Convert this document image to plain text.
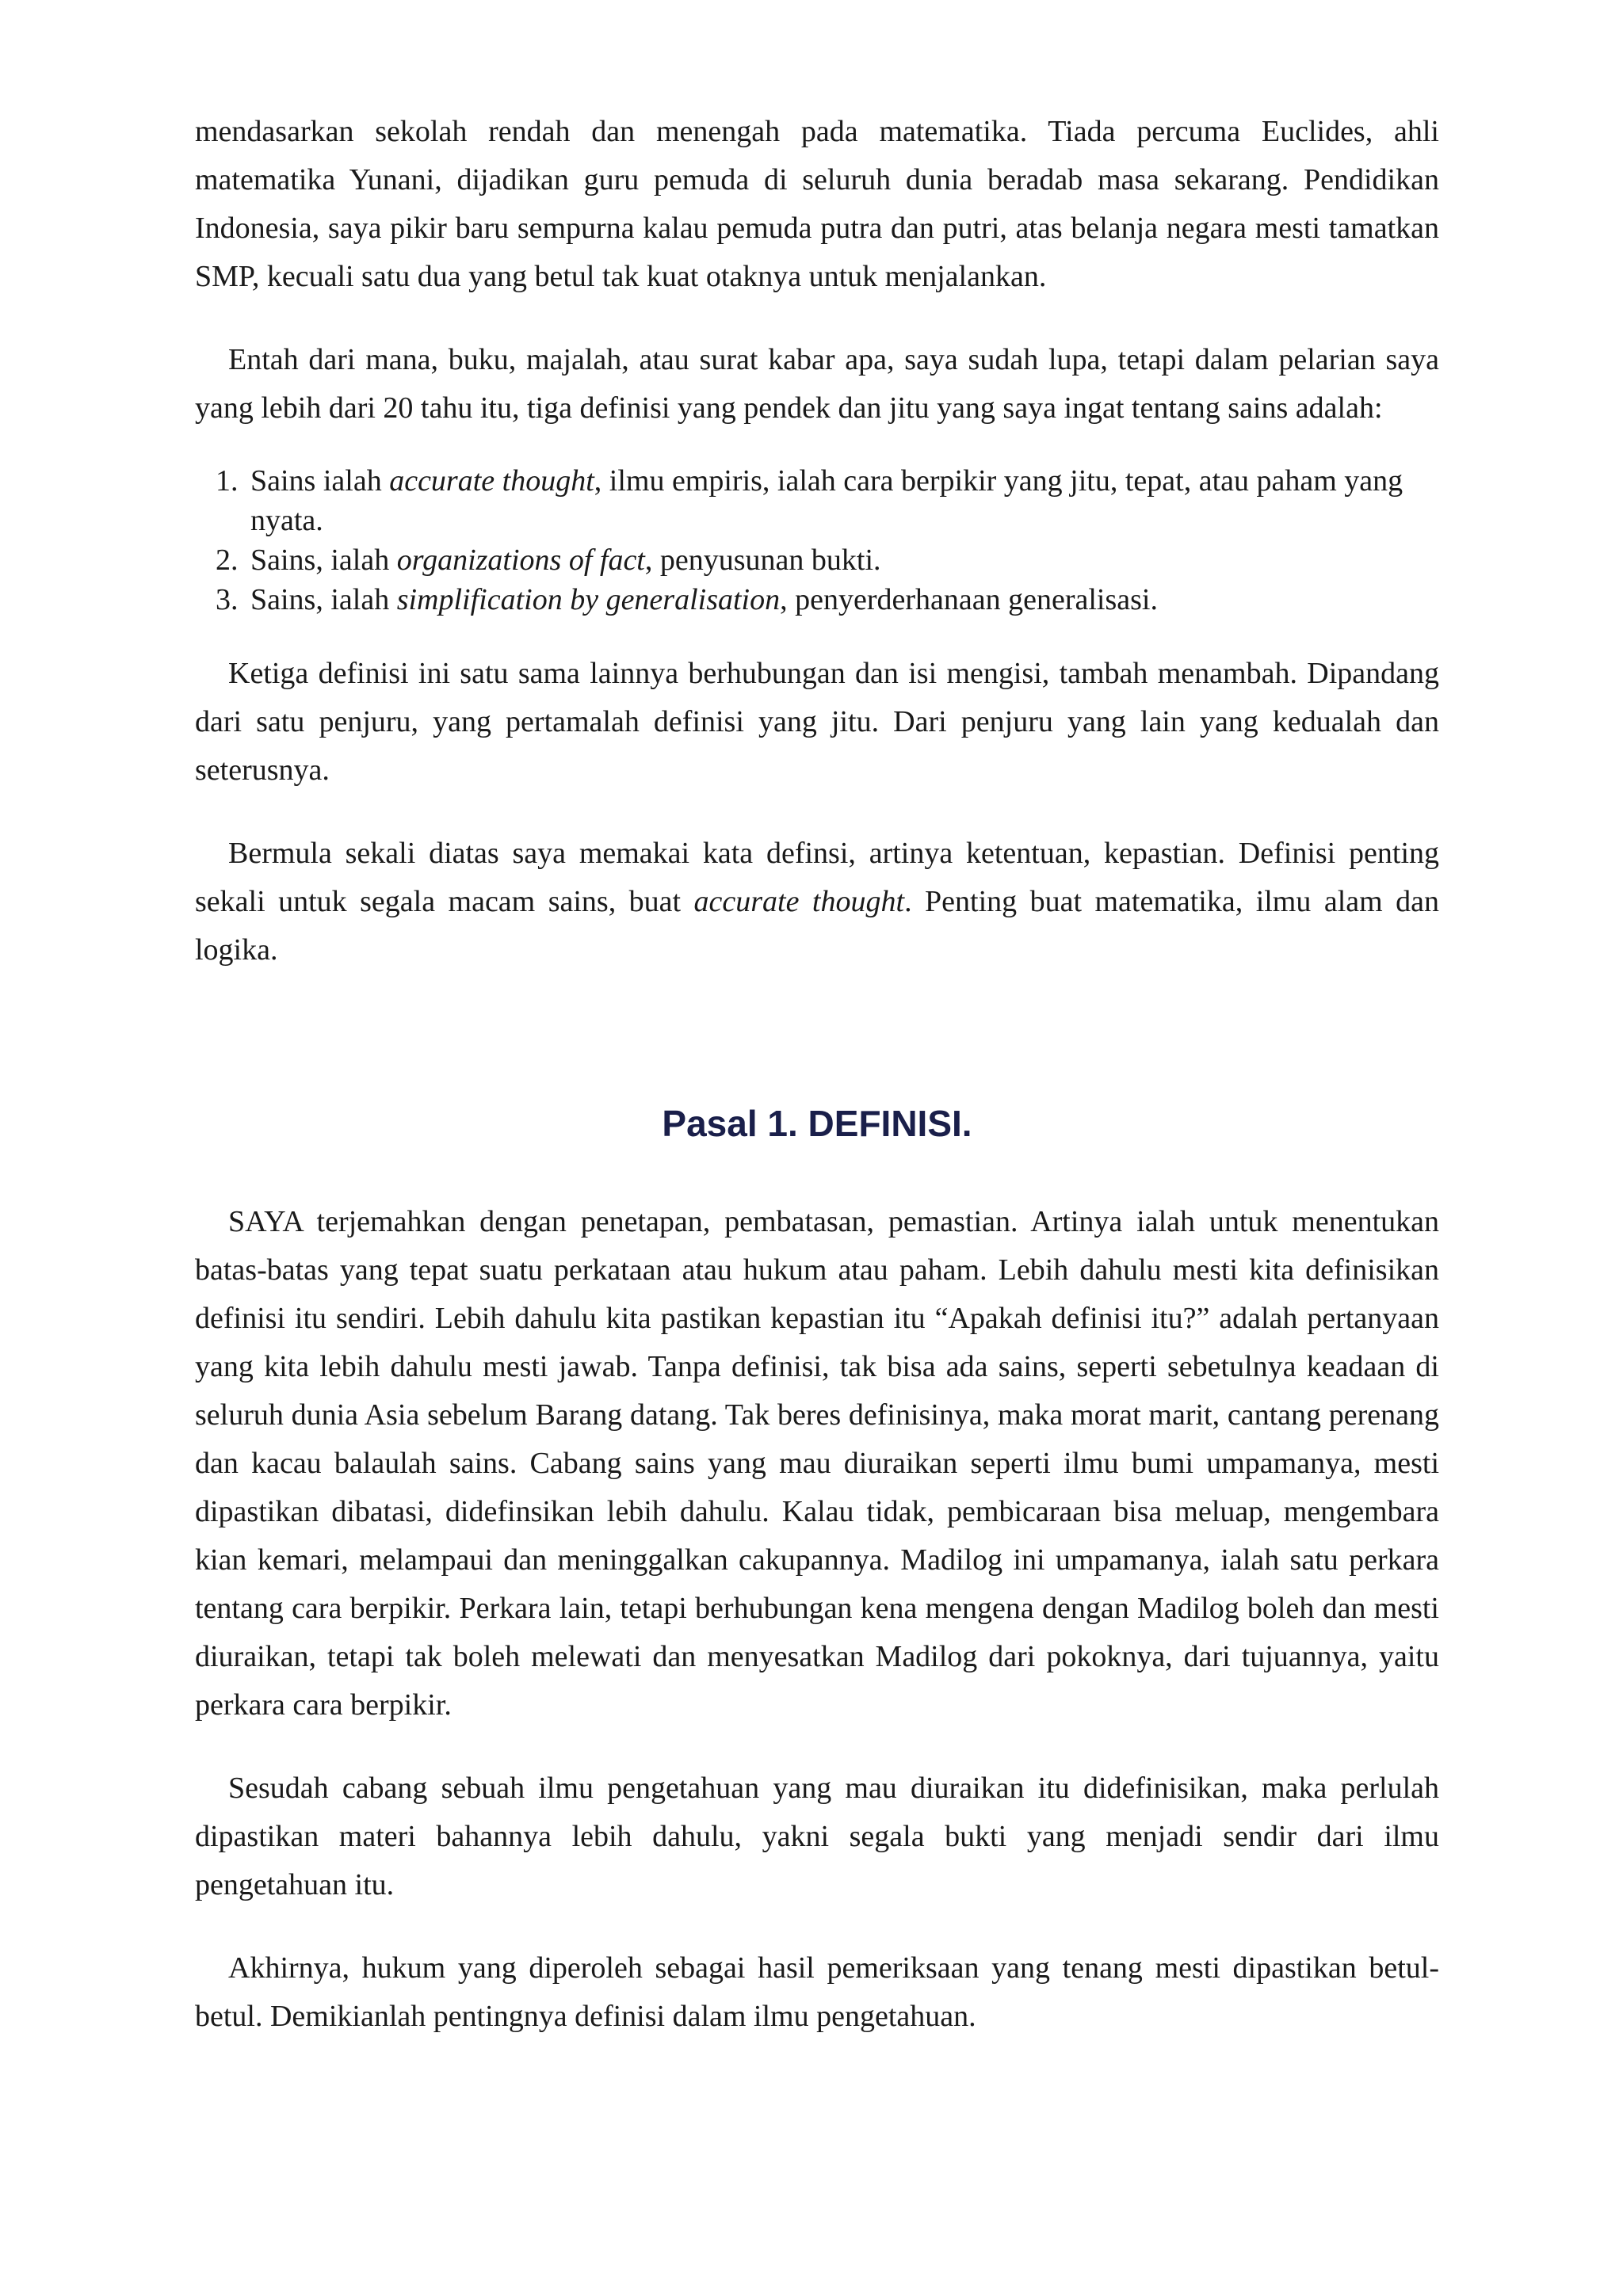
mendasarkan sekolah rendah dan menengah pada matematika. Tiada percuma Euclides, ahli matematika Yunani, dijadikan guru pemuda di seluruh dunia beradab masa sekarang. Pendidikan Indonesia, saya pikir baru sempurna kalau pemuda putra dan putri, atas belanja negara mesti tamatkan SMP, kecuali satu dua yang betul tak kuat otaknya untuk menjalankan.

Entah dari mana, buku, majalah, atau surat kabar apa, saya sudah lupa, tetapi dalam pelarian saya yang lebih dari 20 tahu itu, tiga definisi yang pendek dan jitu yang saya ingat tentang sains adalah:

1. Sains ialah accurate thought, ilmu empiris, ialah cara berpikir yang jitu, tepat, atau paham yang nyata.
2. Sains, ialah organizations of fact, penyusunan bukti.
3. Sains, ialah simplification by generalisation, penyerderhanaan generalisasi.

Ketiga definisi ini satu sama lainnya berhubungan dan isi mengisi, tambah menambah. Dipandang dari satu penjuru, yang pertamalah definisi yang jitu. Dari penjuru yang lain yang kedualah dan seterusnya.

Bermula sekali diatas saya memakai kata definsi, artinya ketentuan, kepastian. Definisi penting sekali untuk segala macam sains, buat accurate thought. Penting buat matematika, ilmu alam dan logika.

Pasal 1. DEFINISI.

SAYA terjemahkan dengan penetapan, pembatasan, pemastian. Artinya ialah untuk menentukan batas-batas yang tepat suatu perkataan atau hukum atau paham. Lebih dahulu mesti kita definisikan definisi itu sendiri. Lebih dahulu kita pastikan kepastian itu “Apakah definisi itu?” adalah pertanyaan yang kita lebih dahulu mesti jawab. Tanpa definisi, tak bisa ada sains, seperti sebetulnya keadaan di seluruh dunia Asia sebelum Barang datang. Tak beres definisinya, maka morat marit, cantang perenang dan kacau balaulah sains. Cabang sains yang mau diuraikan seperti ilmu bumi umpamanya, mesti dipastikan dibatasi, didefinsikan lebih dahulu. Kalau tidak, pembicaraan bisa meluap, mengembara kian kemari, melampaui dan meninggalkan cakupannya. Madilog ini umpamanya, ialah satu perkara tentang cara berpikir. Perkara lain, tetapi berhubungan kena mengena dengan Madilog boleh dan mesti diuraikan, tetapi tak boleh melewati dan menyesatkan Madilog dari pokoknya, dari tujuannya, yaitu perkara cara berpikir.

Sesudah cabang sebuah ilmu pengetahuan yang mau diuraikan itu didefinisikan, maka perlulah dipastikan materi bahannya lebih dahulu, yakni segala bukti yang menjadi sendir dari ilmu pengetahuan itu.

Akhirnya, hukum yang diperoleh sebagai hasil pemeriksaan yang tenang mesti dipastikan betul-betul. Demikianlah pentingnya definisi dalam ilmu pengetahuan.
